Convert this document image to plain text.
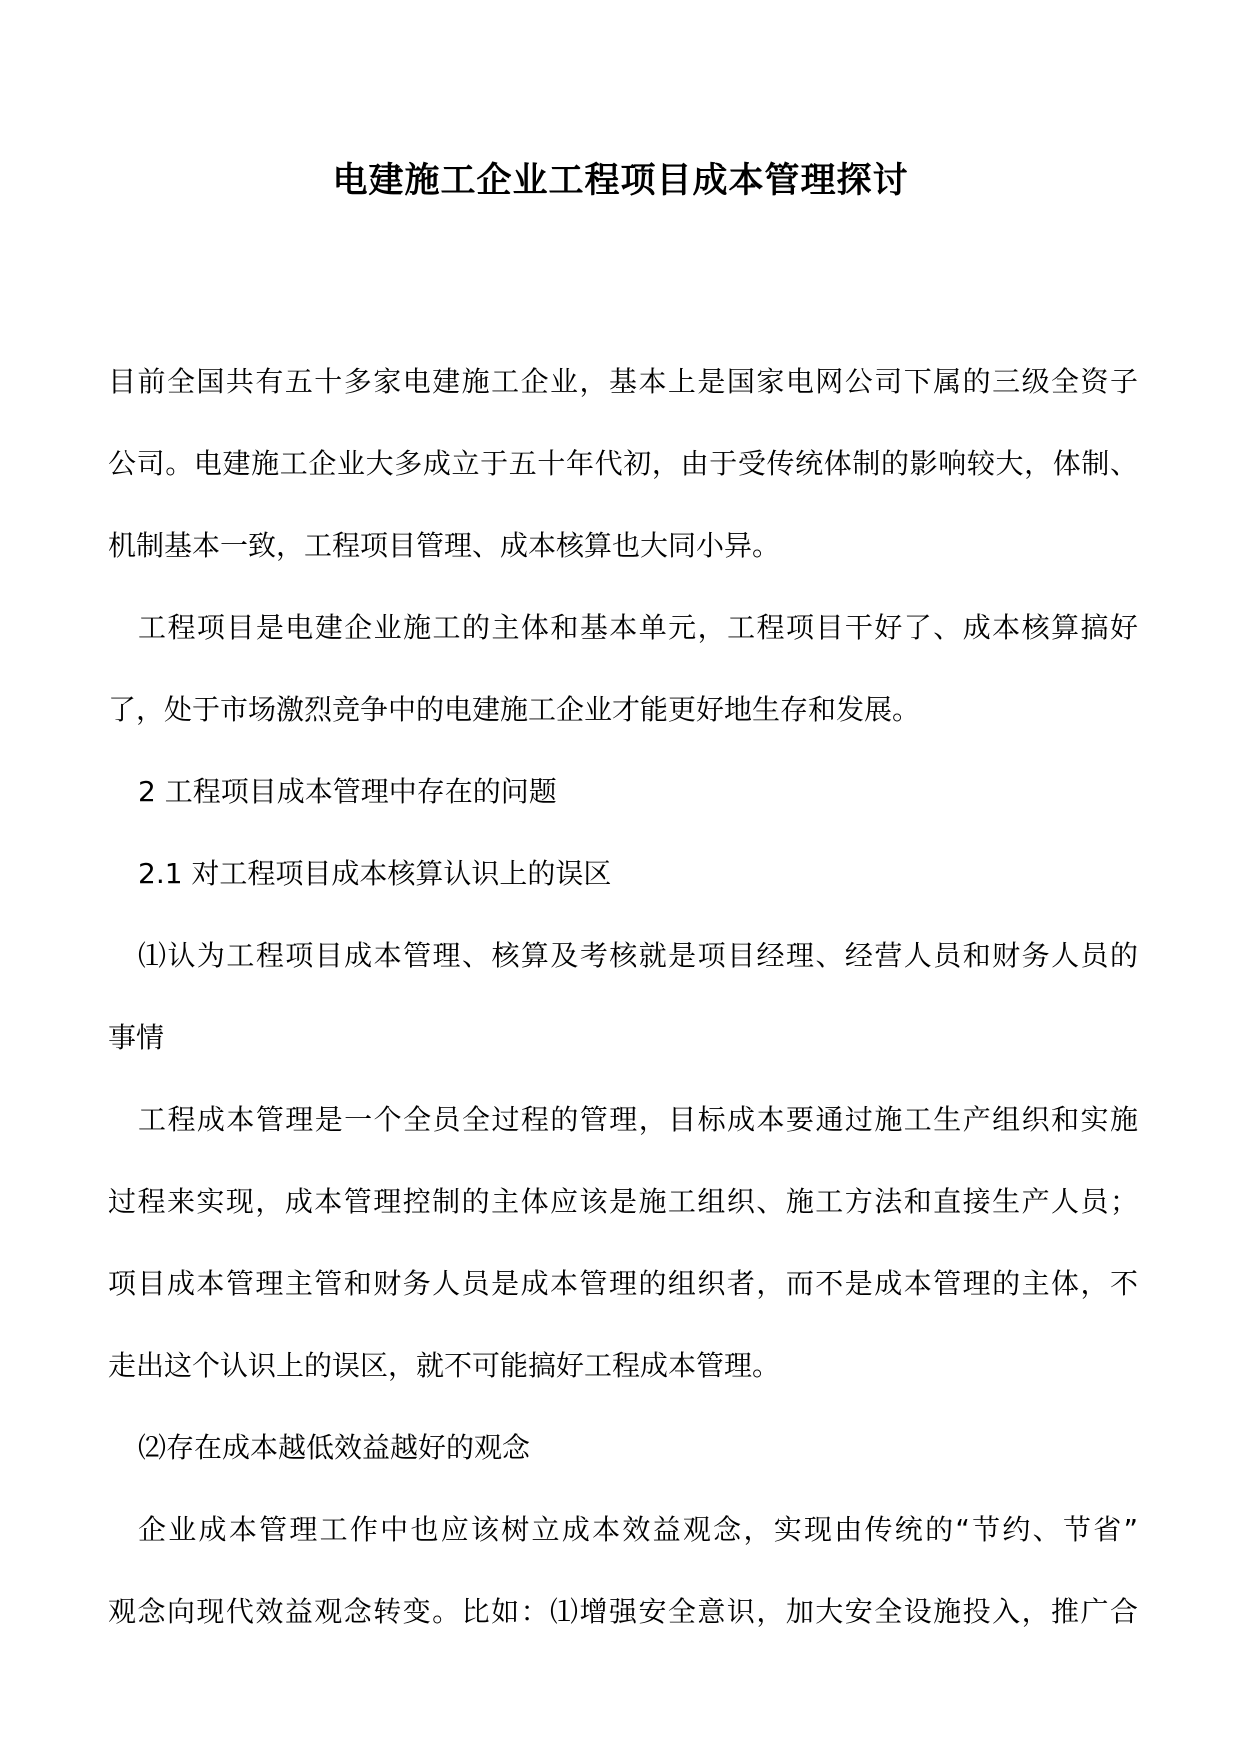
电建施工企业工程项目成本管理探讨
目前全国共有五十多家电建施工企业，基本上是国家电网公司下属的三级全资子
公司。电建施工企业大多成立于五十年代初，由于受传统体制的影响较大，体制、
机制基本一致，工程项目管理、成本核算也大同小异。
工程项目是电建企业施工的主体和基本单元，工程项目干好了、成本核算搞好
了，处于市场激烈竞争中的电建施工企业才能更好地生存和发展。
2 工程项目成本管理中存在的问题
2.1 对工程项目成本核算认识上的误区
⑴认为工程项目成本管理、核算及考核就是项目经理、经营人员和财务人员的
事情
工程成本管理是一个全员全过程的管理，目标成本要通过施工生产组织和实施
过程来实现，成本管理控制的主体应该是施工组织、施工方法和直接生产人员；
项目成本管理主管和财务人员是成本管理的组织者，而不是成本管理的主体，不
走出这个认识上的误区，就不可能搞好工程成本管理。
⑵存在成本越低效益越好的观念
企业成本管理工作中也应该树立成本效益观念，实现由传统的“节约、节省”
观念向现代效益观念转变。比如：⑴增强安全意识，加大安全设施投入，推广合
